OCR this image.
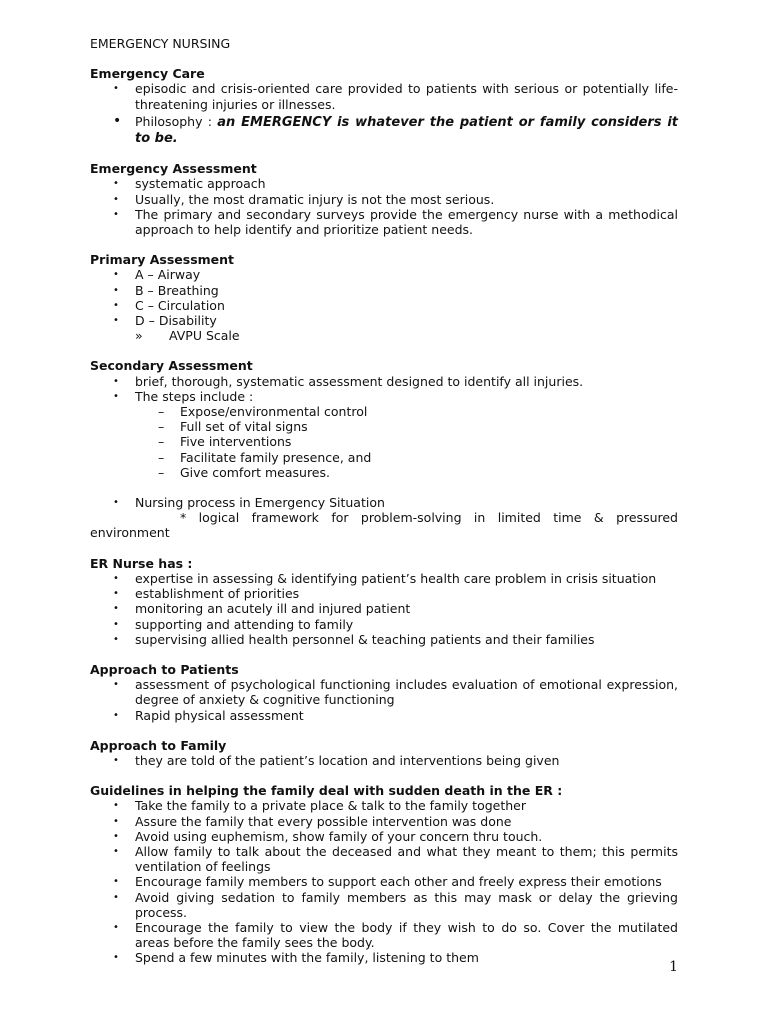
EMERGENCY NURSING
Emergency Care
• episodic and crisis-oriented care provided to patients with serious or potentially life-threatening injuries or illnesses.
• Philosophy : an EMERGENCY is whatever the patient or family considers it to be.
Emergency Assessment
• systematic approach
• Usually, the most dramatic injury is not the most serious.
• The primary and secondary surveys provide the emergency nurse with a methodical approach to help identify and prioritize patient needs.
Primary Assessment
• A – Airway
• B – Breathing
• C – Circulation
• D – Disability
» AVPU Scale
Secondary Assessment
• brief, thorough, systematic assessment designed to identify all injuries.
• The steps include :
– Expose/environmental control
– Full set of vital signs
– Five interventions
– Facilitate family presence, and
– Give comfort measures.
• Nursing process in Emergency Situation
* logical framework for problem-solving in limited time & pressured
environment
ER Nurse has :
• expertise in assessing & identifying patient’s health care problem in crisis situation
• establishment of priorities
• monitoring an acutely ill and injured patient
• supporting and attending to family
• supervising allied health personnel & teaching patients and their families
Approach to Patients
• assessment of psychological functioning includes evaluation of emotional expression, degree of anxiety & cognitive functioning
• Rapid physical assessment
Approach to Family
• they are told of the patient’s location and interventions being given
Guidelines in helping the family deal with sudden death in the ER :
• Take the family to a private place & talk to the family together
• Assure the family that every possible intervention was done
• Avoid using euphemism, show family of your concern thru touch.
• Allow family to talk about the deceased and what they meant to them; this permits ventilation of feelings
• Encourage family members to support each other and freely express their emotions
• Avoid giving sedation to family members as this may mask or delay the grieving process.
• Encourage the family to view the body if they wish to do so. Cover the mutilated areas before the family sees the body.
• Spend a few minutes with the family, listening to them
1
